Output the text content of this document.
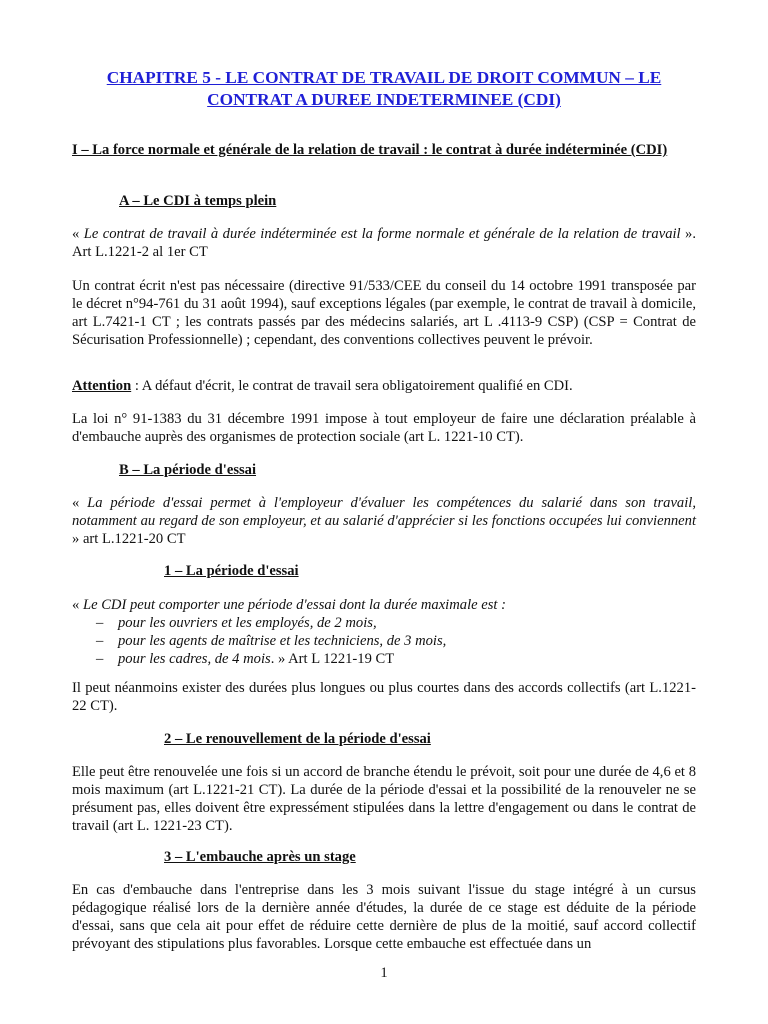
CHAPITRE 5 - LE CONTRAT DE TRAVAIL DE DROIT COMMUN – LE
CONTRAT A DUREE INDETERMINEE (CDI)

I – La force normale et générale de la relation de travail : le contrat à durée indéterminée (CDI)

A – Le CDI à temps plein

« Le contrat de travail à durée indéterminée est la forme normale et générale de la relation de travail ». Art L.1221-2 al 1er CT

Un contrat écrit n'est pas nécessaire (directive 91/533/CEE du conseil du 14 octobre 1991 transposée par le décret n°94-761 du 31 août 1994), sauf exceptions légales (par exemple, le contrat de travail à domicile, art L.7421-1 CT ; les contrats passés par des médecins salariés, art L .4113-9 CSP) (CSP = Contrat de Sécurisation Professionnelle) ; cependant, des conventions collectives peuvent le prévoir.

Attention : A défaut d'écrit, le contrat de travail sera obligatoirement qualifié en CDI.

La loi n° 91-1383 du 31 décembre 1991 impose à tout employeur de faire une déclaration préalable à d'embauche auprès des organismes de protection sociale (art L. 1221-10 CT).

B – La période d'essai

« La période d'essai permet à l'employeur d'évaluer les compétences du salarié dans son travail, notamment au regard de son employeur, et au salarié d'apprécier si les fonctions occupées lui conviennent » art L.1221-20 CT

1 – La période d'essai

« Le CDI peut comporter une période d'essai dont la durée maximale est :
– pour les ouvriers et les employés, de 2 mois,
– pour les agents de maîtrise et les techniciens, de 3 mois,
– pour les cadres, de 4 mois. » Art L 1221-19 CT

Il peut néanmoins exister des durées plus longues ou plus courtes dans des accords collectifs (art L.1221-22 CT).

2 – Le renouvellement de la période d'essai

Elle peut être renouvelée une fois si un accord de branche étendu le prévoit, soit pour une durée de 4,6 et 8 mois maximum (art L.1221-21 CT). La durée de la période d'essai et la possibilité de la renouveler ne se présument pas, elles doivent être expressément stipulées dans la lettre d'engagement ou dans le contrat de travail (art L. 1221-23 CT).

3 – L'embauche après un stage

En cas d'embauche dans l'entreprise dans les 3 mois suivant l'issue du stage intégré à un cursus pédagogique réalisé lors de la dernière année d'études, la durée de ce stage est déduite de la période d'essai, sans que cela ait pour effet de réduire cette dernière de plus de la moitié, sauf accord collectif prévoyant des stipulations plus favorables. Lorsque cette embauche est effectuée dans un

1
